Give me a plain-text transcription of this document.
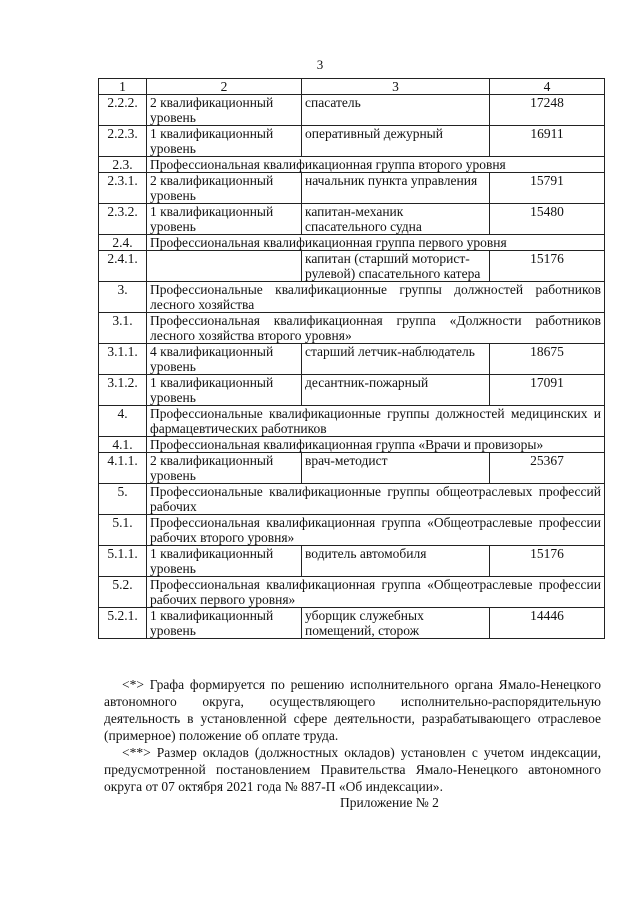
3
1	2	3	4
2.2.2.	2 квалификационный уровень	спасатель	17248
2.2.3.	1 квалификационный уровень	оперативный дежурный	16911
2.3.	Профессиональная квалификационная группа второго уровня		
2.3.1.	2 квалификационный уровень	начальник пункта управления	15791
2.3.2.	1 квалификационный уровень	капитан-механик спасательного судна	15480
2.4.	Профессиональная квалификационная группа первого уровня		
2.4.1.		капитан (старший моторист-рулевой) спасательного катера	15176
3.	Профессиональные квалификационные группы должностей работников лесного хозяйства		
3.1.	Профессиональная квалификационная группа «Должности работников лесного хозяйства второго уровня»		
3.1.1.	4 квалификационный уровень	старший летчик-наблюдатель	18675
3.1.2.	1 квалификационный уровень	десантник-пожарный	17091
4.	Профессиональные квалификационные группы должностей медицинских и фармацевтических работников		
4.1.	Профессиональная квалификационная группа «Врачи и провизоры»		
4.1.1.	2 квалификационный уровень	врач-методист	25367
5.	Профессиональные квалификационные группы общеотраслевых профессий рабочих		
5.1.	Профессиональная квалификационная группа «Общеотраслевые профессии рабочих второго уровня»		
5.1.1.	1 квалификационный уровень	водитель автомобиля	15176
5.2.	Профессиональная квалификационная группа «Общеотраслевые профессии рабочих первого уровня»		
5.2.1.	1 квалификационный уровень	уборщик служебных помещений, сторож	14446

<*> Графа формируется по решению исполнительного органа Ямало-Ненецкого автономного округа, осуществляющего исполнительно-распорядительную деятельность в установленной сфере деятельности, разрабатывающего отраслевое (примерное) положение об оплате труда.

<**> Размер окладов (должностных окладов) установлен с учетом индексации, предусмотренной постановлением Правительства Ямало-Ненецкого автономного округа от 07 октября 2021 года № 887-П «Об индексации».

Приложение № 2
